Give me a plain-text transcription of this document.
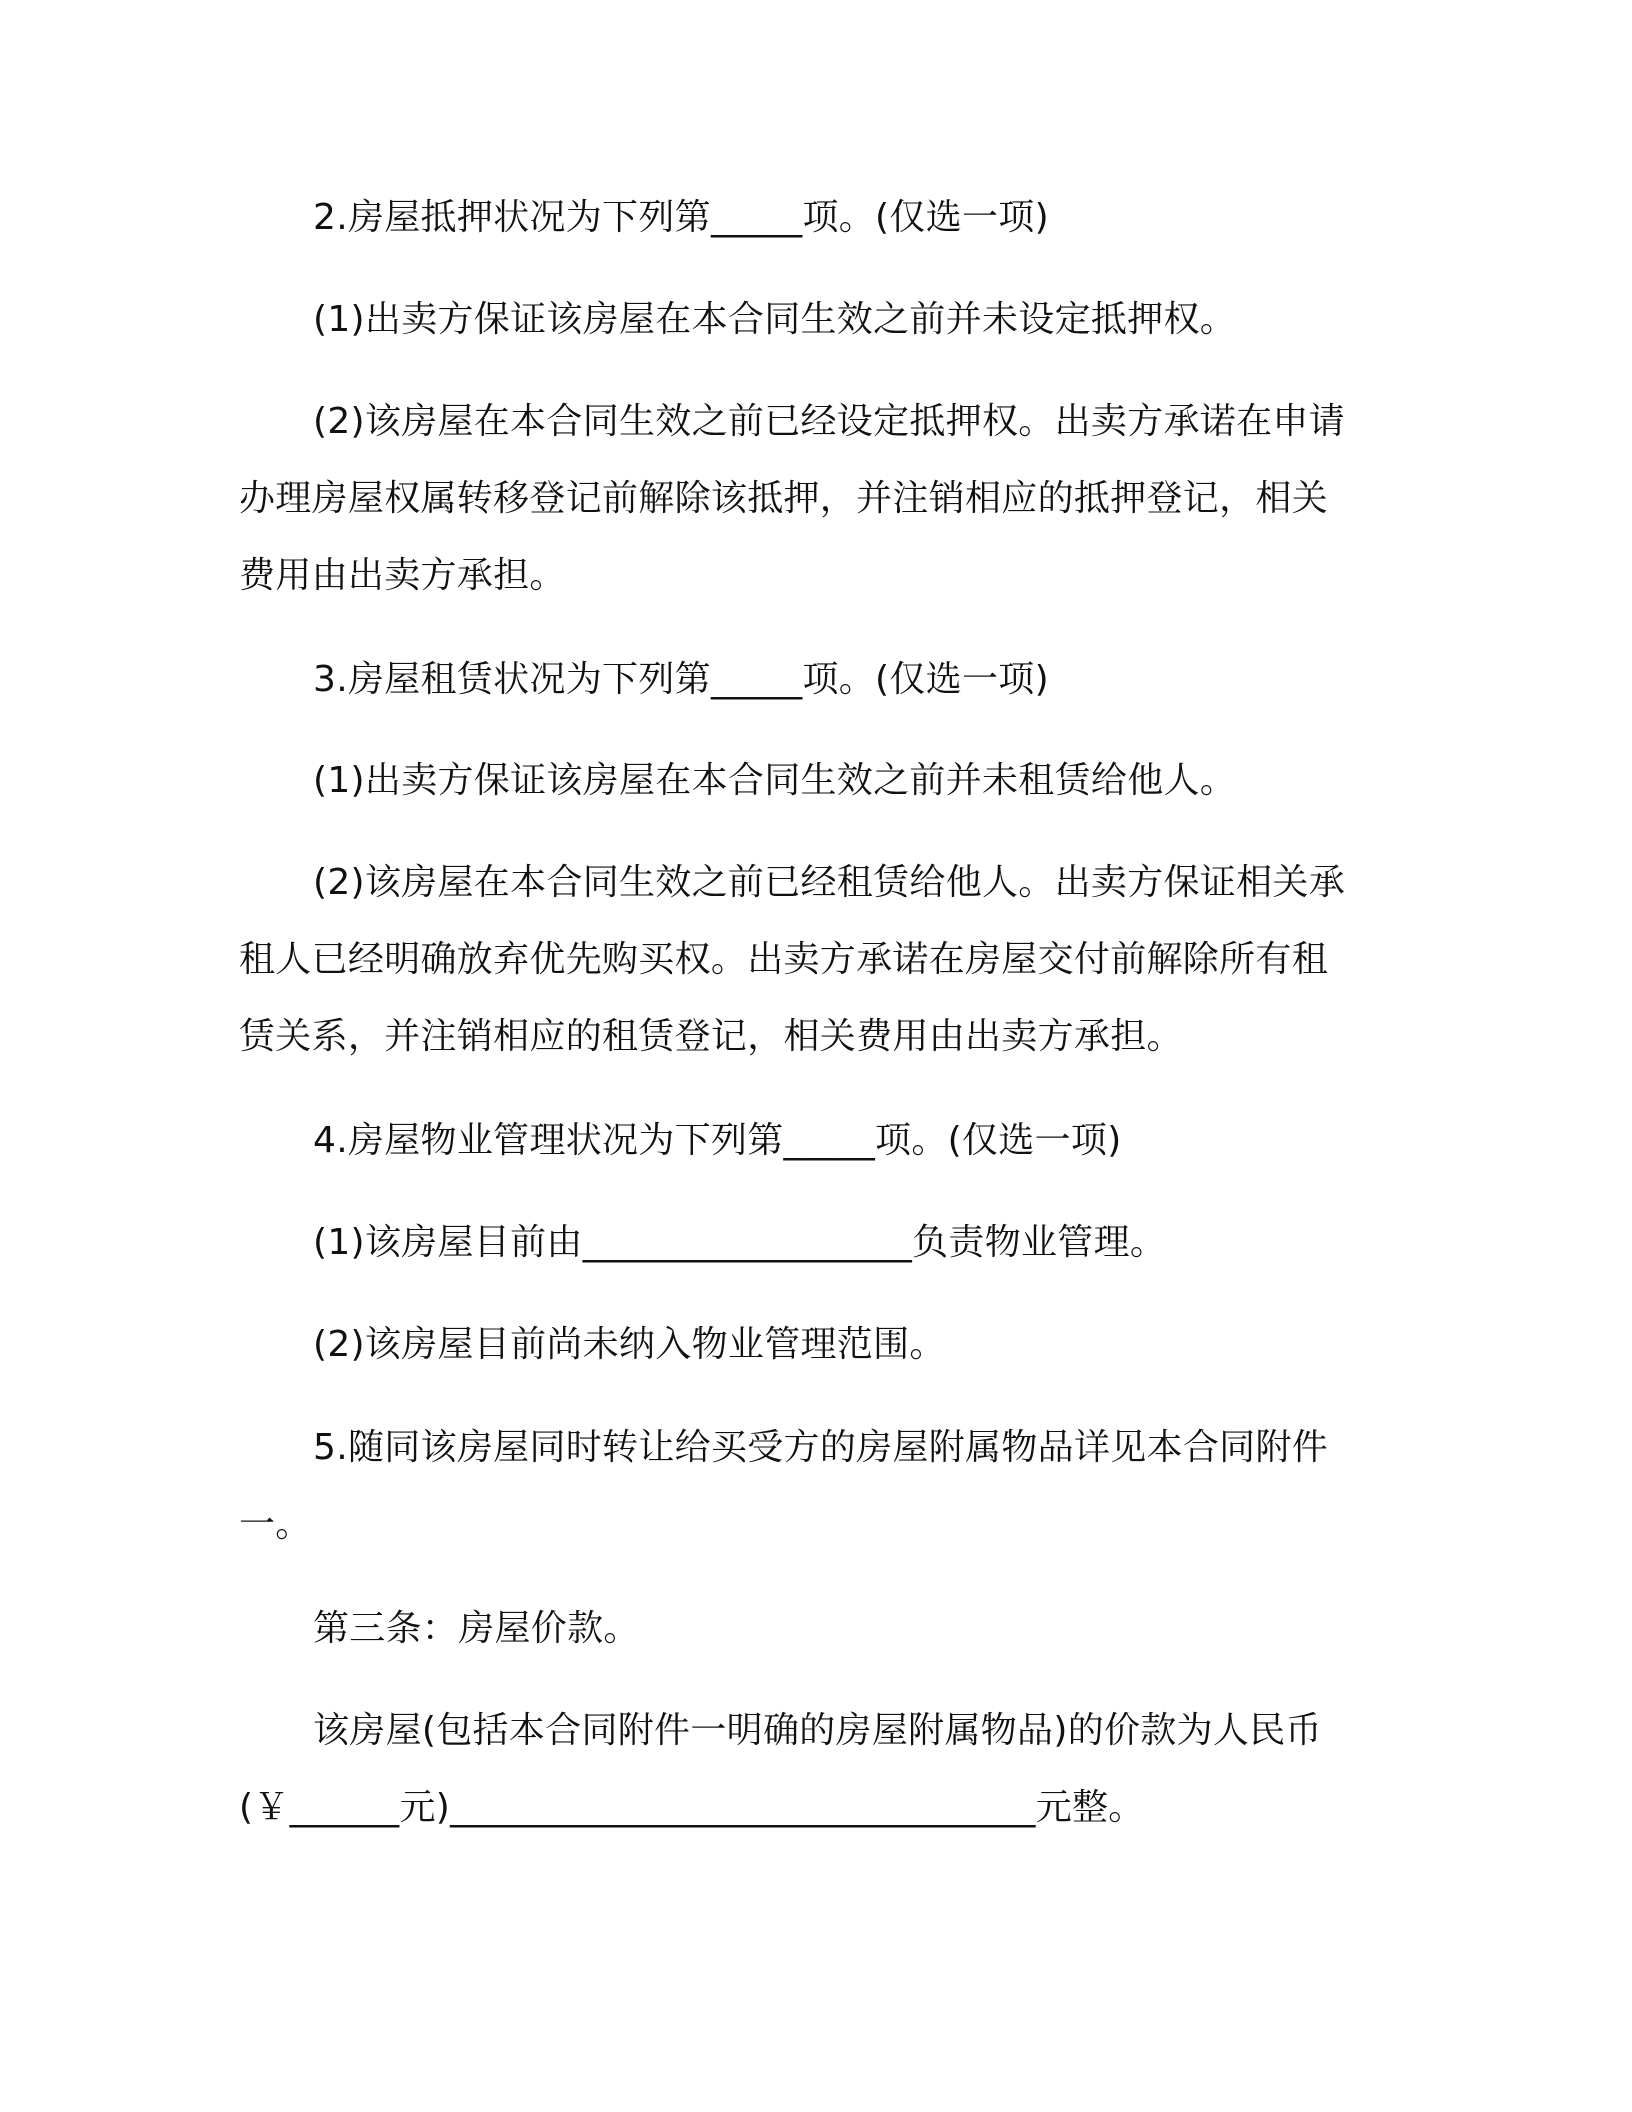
2.房屋抵押状况为下列第_____项。(仅选一项)

(1)出卖方保证该房屋在本合同生效之前并未设定抵押权。

(2)该房屋在本合同生效之前已经设定抵押权。出卖方承诺在申请

办理房屋权属转移登记前解除该抵押，并注销相应的抵押登记，相关

费用由出卖方承担。

3.房屋租赁状况为下列第_____项。(仅选一项)

(1)出卖方保证该房屋在本合同生效之前并未租赁给他人。

(2)该房屋在本合同生效之前已经租赁给他人。出卖方保证相关承

租人已经明确放弃优先购买权。出卖方承诺在房屋交付前解除所有租

赁关系，并注销相应的租赁登记，相关费用由出卖方承担。

4.房屋物业管理状况为下列第_____项。(仅选一项)

(1)该房屋目前由__________________负责物业管理。

(2)该房屋目前尚未纳入物业管理范围。

5.随同该房屋同时转让给买受方的房屋附属物品详见本合同附件

一。

第三条：房屋价款。

该房屋(包括本合同附件一明确的房屋附属物品)的价款为人民币

(￥______元)________________________________元整。
